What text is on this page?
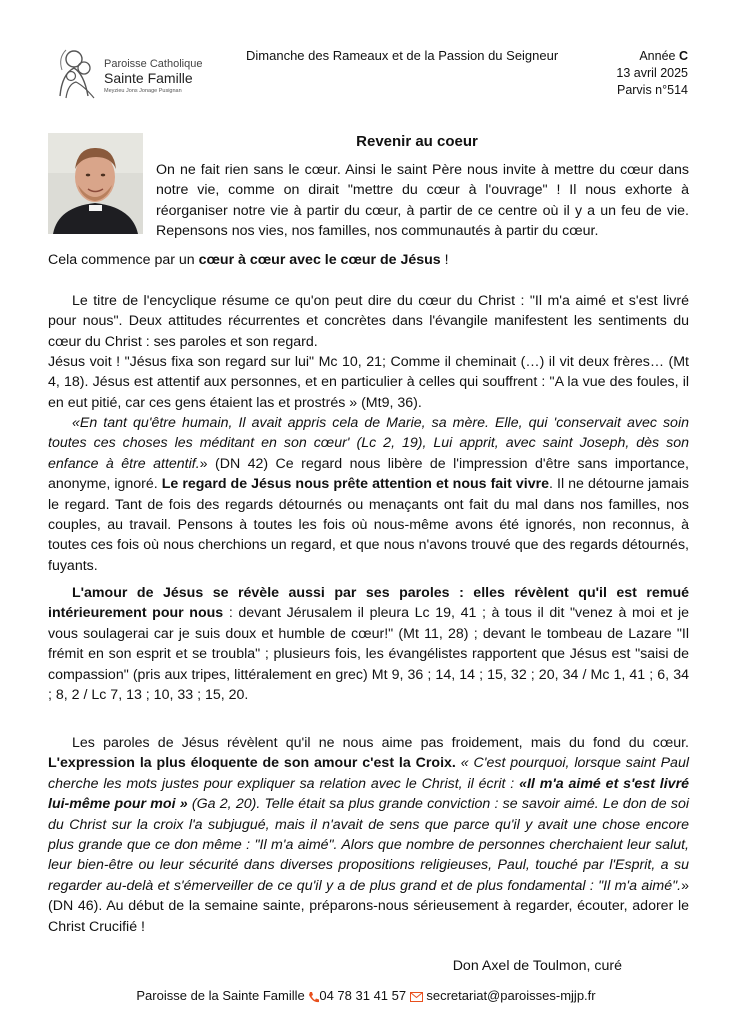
Paroisse Catholique
Sainte Famille
Meyzieu Jons Jonage Pusignan
Dimanche des Rameaux et de la Passion du Seigneur	Année C
13 avril 2025
Parvis n°514
Revenir au coeur
On ne fait rien sans le cœur. Ainsi le saint Père nous invite à mettre du cœur dans notre vie, comme on dirait "mettre du cœur à l'ouvrage" ! Il nous exhorte à réorganiser notre vie à partir du cœur, à partir de ce centre où il y a un feu de vie. Repensons nos vies, nos familles, nos communautés à partir du cœur.
Cela commence par un cœur à cœur avec le cœur de Jésus !
Le titre de l'encyclique résume ce qu'on peut dire du cœur du Christ : "Il m'a aimé et s'est livré pour nous". Deux attitudes récurrentes et concrètes dans l'évangile manifestent les sentiments du cœur du Christ : ses paroles et son regard.
Jésus voit ! "Jésus fixa son regard sur lui" Mc 10, 21; Comme il cheminait (…) il vit deux frères… (Mt 4, 18). Jésus est attentif aux personnes, et en particulier à celles qui souffrent : "A la vue des foules, il en eut pitié, car ces gens étaient las et prostrés » (Mt9, 36).
«En tant qu'être humain, Il avait appris cela de Marie, sa mère. Elle, qui 'conservait avec soin toutes ces choses les méditant en son cœur' (Lc 2, 19), Lui apprit, avec saint Joseph, dès son enfance à être attentif.» (DN 42) Ce regard nous libère de l'impression d'être sans importance, anonyme, ignoré. Le regard de Jésus nous prête attention et nous fait vivre. Il ne détourne jamais le regard. Tant de fois des regards détournés ou menaçants ont fait du mal dans nos familles, nos couples, au travail. Pensons à toutes les fois où nous-même avons été ignorés, non reconnus, à toutes ces fois où nous cherchions un regard, et que nous n'avons trouvé que des regards détournés, fuyants.
L'amour de Jésus se révèle aussi par ses paroles : elles révèlent qu'il est remué intérieurement pour nous : devant Jérusalem il pleura Lc 19, 41 ; à tous il dit "venez à moi et je vous soulagerai car je suis doux et humble de cœur!" (Mt 11, 28) ; devant le tombeau de Lazare "Il frémit en son esprit et se troubla" ; plusieurs fois, les évangélistes rapportent que Jésus est "saisi de compassion" (pris aux tripes, littéralement en grec) Mt 9, 36 ; 14, 14 ; 15, 32 ; 20, 34 / Mc 1, 41 ; 6, 34 ; 8, 2 / Lc 7, 13 ; 10, 33 ; 15, 20.
Les paroles de Jésus révèlent qu'il ne nous aime pas froidement, mais du fond du cœur. L'expression la plus éloquente de son amour c'est la Croix. « C'est pourquoi, lorsque saint Paul cherche les mots justes pour expliquer sa relation avec le Christ, il écrit : «Il m'a aimé et s'est livré lui-même pour moi » (Ga 2, 20). Telle était sa plus grande conviction : se savoir aimé. Le don de soi du Christ sur la croix l'a subjugué, mais il n'avait de sens que parce qu'il y avait une chose encore plus grande que ce don même : "Il m'a aimé". Alors que nombre de personnes cherchaient leur salut, leur bien-être ou leur sécurité dans diverses propositions religieuses, Paul, touché par l'Esprit, a su regarder au-delà et s'émerveiller de ce qu'il y a de plus grand et de plus fondamental : "Il m'a aimé".» (DN 46). Au début de la semaine sainte, préparons-nous sérieusement à regarder, écouter, adorer le Christ Crucifié !
Don Axel de Toulmon, curé
Paroisse de la Sainte Famille 04 78 31 41 57 secretariat@paroisses-mjjp.fr
